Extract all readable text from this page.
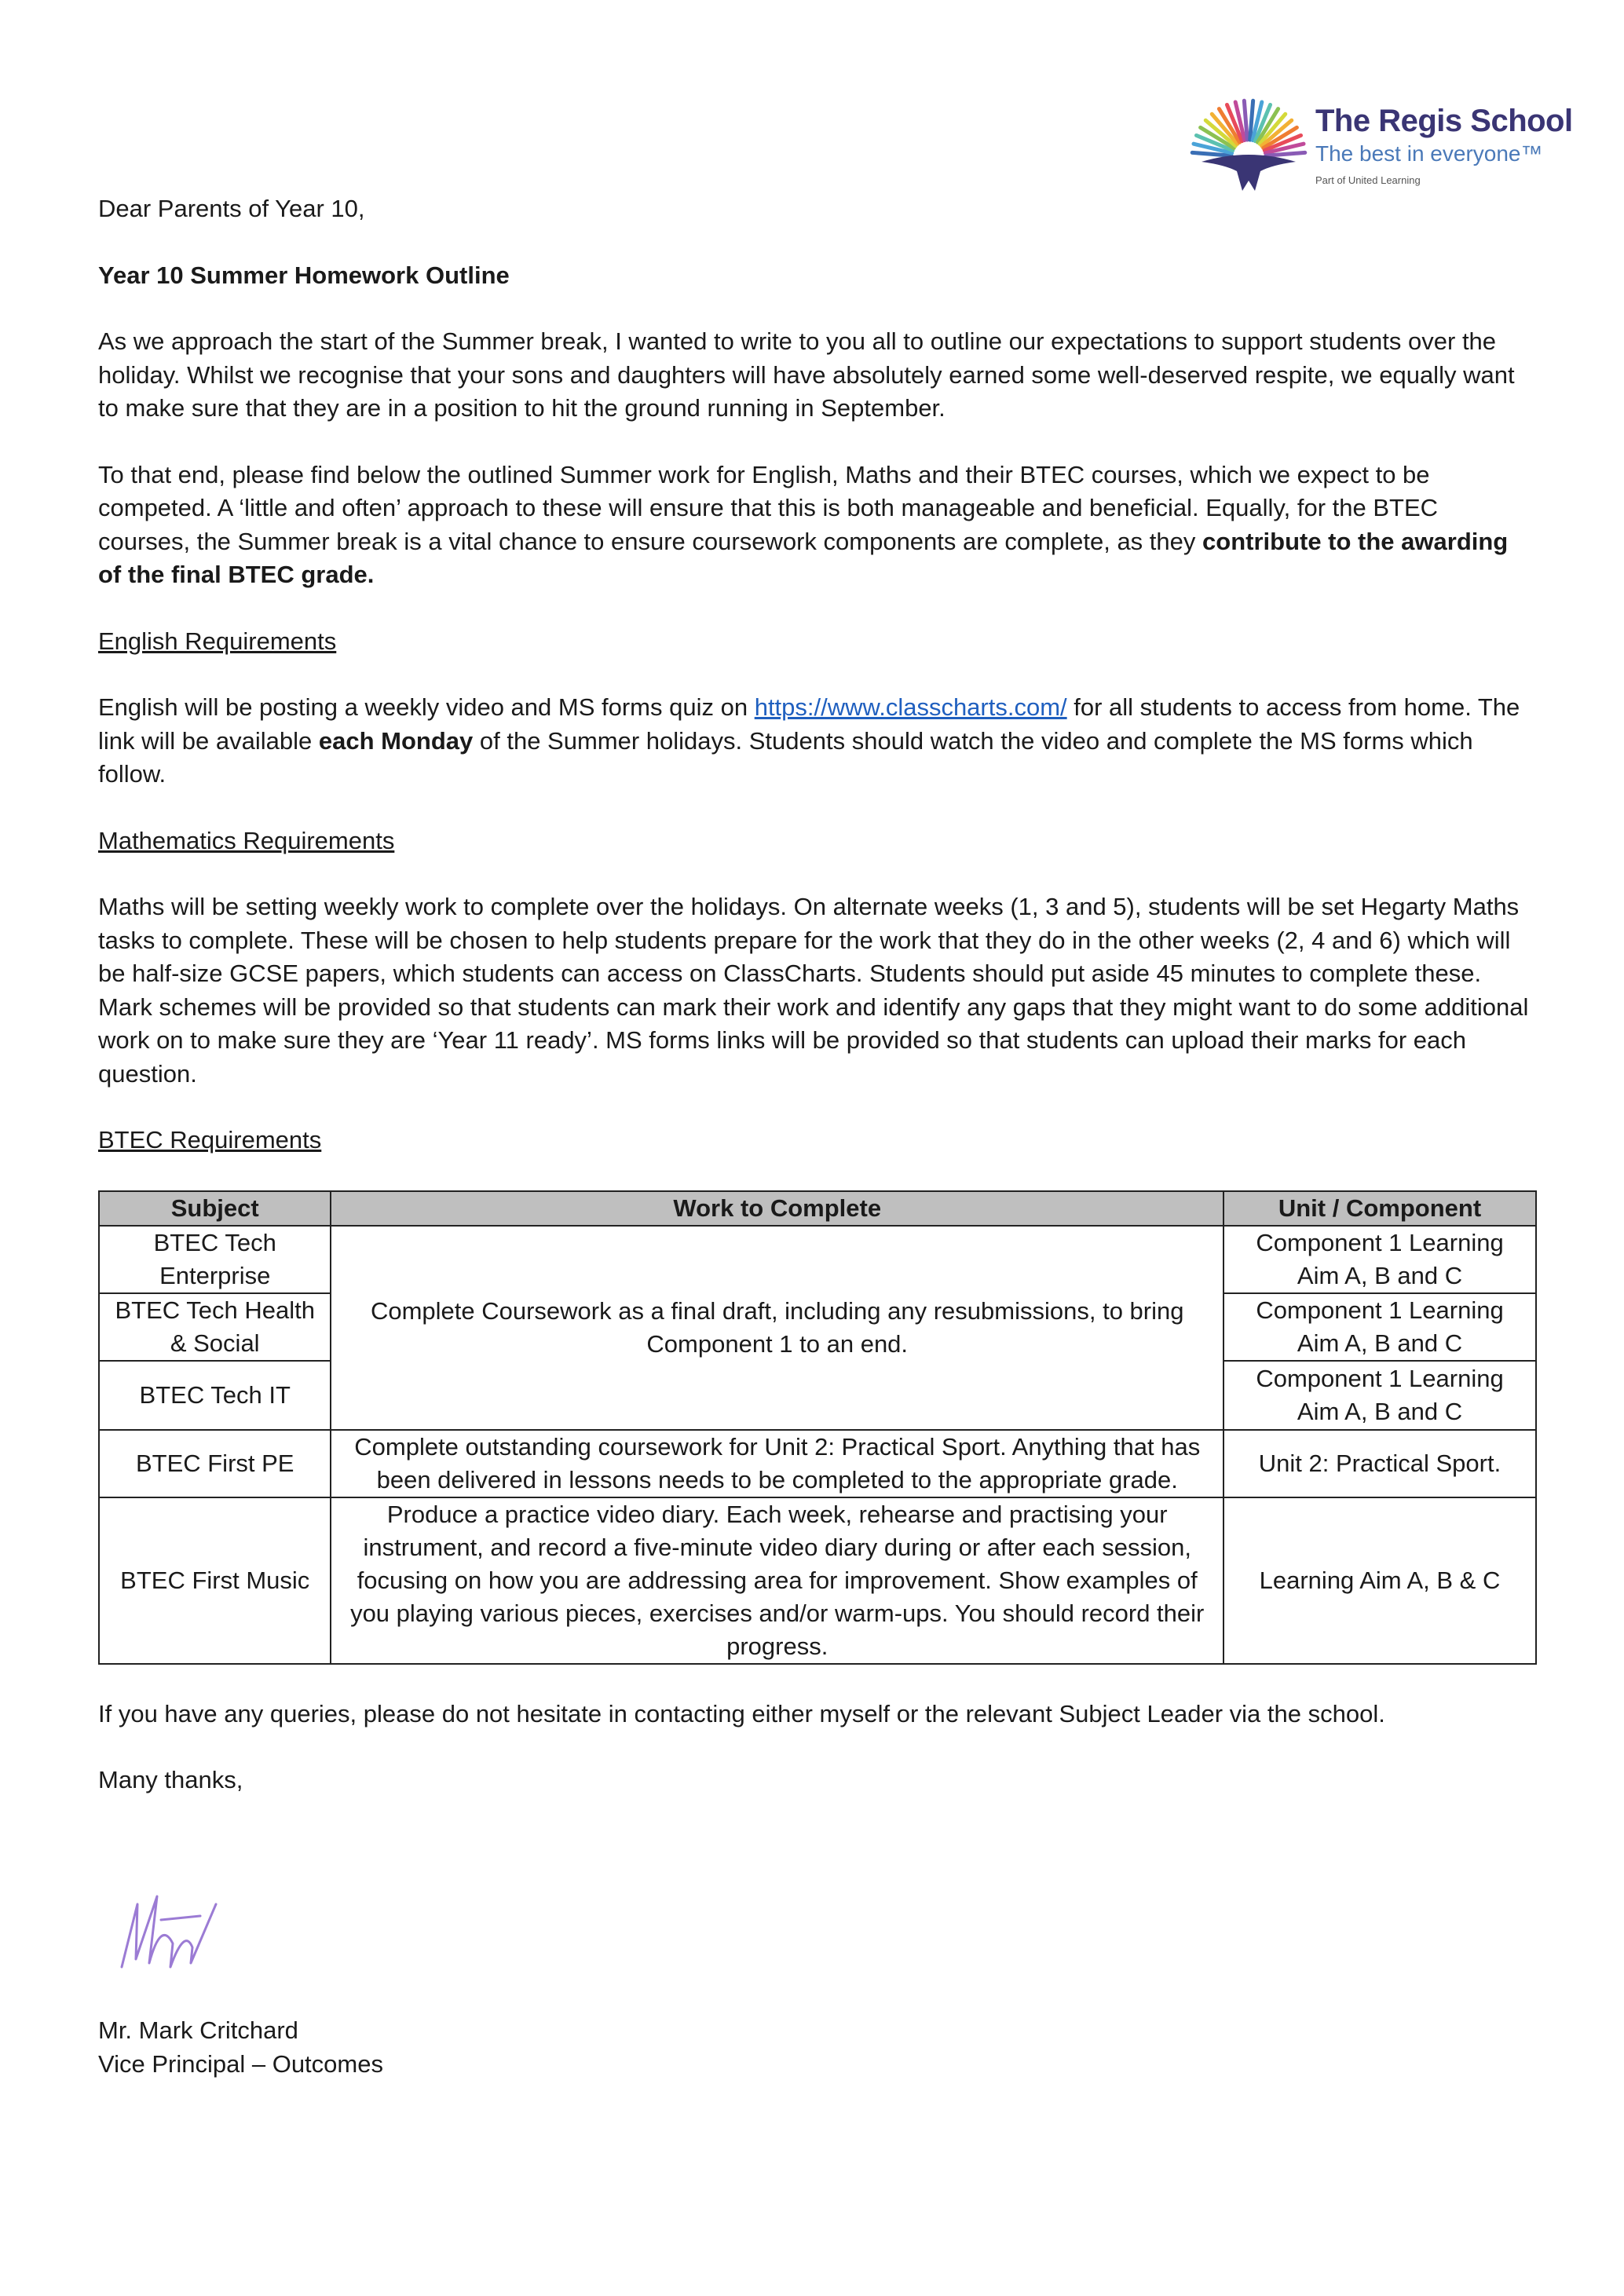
The Regis School
The best in everyone™
Part of United Learning

Dear Parents of Year 10,

Year 10 Summer Homework Outline

As we approach the start of the Summer break, I wanted to write to you all to outline our expectations to support students over the holiday. Whilst we recognise that your sons and daughters will have absolutely earned some well-deserved respite, we equally want to make sure that they are in a position to hit the ground running in September.

To that end, please find below the outlined Summer work for English, Maths and their BTEC courses, which we expect to be competed. A ‘little and often’ approach to these will ensure that this is both manageable and beneficial. Equally, for the BTEC courses, the Summer break is a vital chance to ensure coursework components are complete, as they contribute to the awarding of the final BTEC grade.

English Requirements

English will be posting a weekly video and MS forms quiz on https://www.classcharts.com/ for all students to access from home. The link will be available each Monday of the Summer holidays. Students should watch the video and complete the MS forms which follow.

Mathematics Requirements

Maths will be setting weekly work to complete over the holidays. On alternate weeks (1, 3 and 5), students will be set Hegarty Maths tasks to complete. These will be chosen to help students prepare for the work that they do in the other weeks (2, 4 and 6) which will be half-size GCSE papers, which students can access on ClassCharts. Students should put aside 45 minutes to complete these. Mark schemes will be provided so that students can mark their work and identify any gaps that they might want to do some additional work on to make sure they are ‘Year 11 ready’. MS forms links will be provided so that students can upload their marks for each question.

BTEC Requirements

Subject	Work to Complete	Unit / Component
BTEC Tech Enterprise	Complete Coursework as a final draft, including any resubmissions, to bring Component 1 to an end.	Component 1 Learning Aim A, B and C
BTEC Tech Health & Social		Component 1 Learning Aim A, B and C
BTEC Tech IT		Component 1 Learning Aim A, B and C
BTEC First PE	Complete outstanding coursework for Unit 2: Practical Sport. Anything that has been delivered in lessons needs to be completed to the appropriate grade.	Unit 2: Practical Sport.
BTEC First Music	Produce a practice video diary. Each week, rehearse and practising your instrument, and record a five-minute video diary during or after each session, focusing on how you are addressing area for improvement. Show examples of you playing various pieces, exercises and/or warm-ups. You should record their progress.	Learning Aim A, B & C

If you have any queries, please do not hesitate in contacting either myself or the relevant Subject Leader via the school.

Many thanks,

Mr. Mark Critchard
Vice Principal – Outcomes
